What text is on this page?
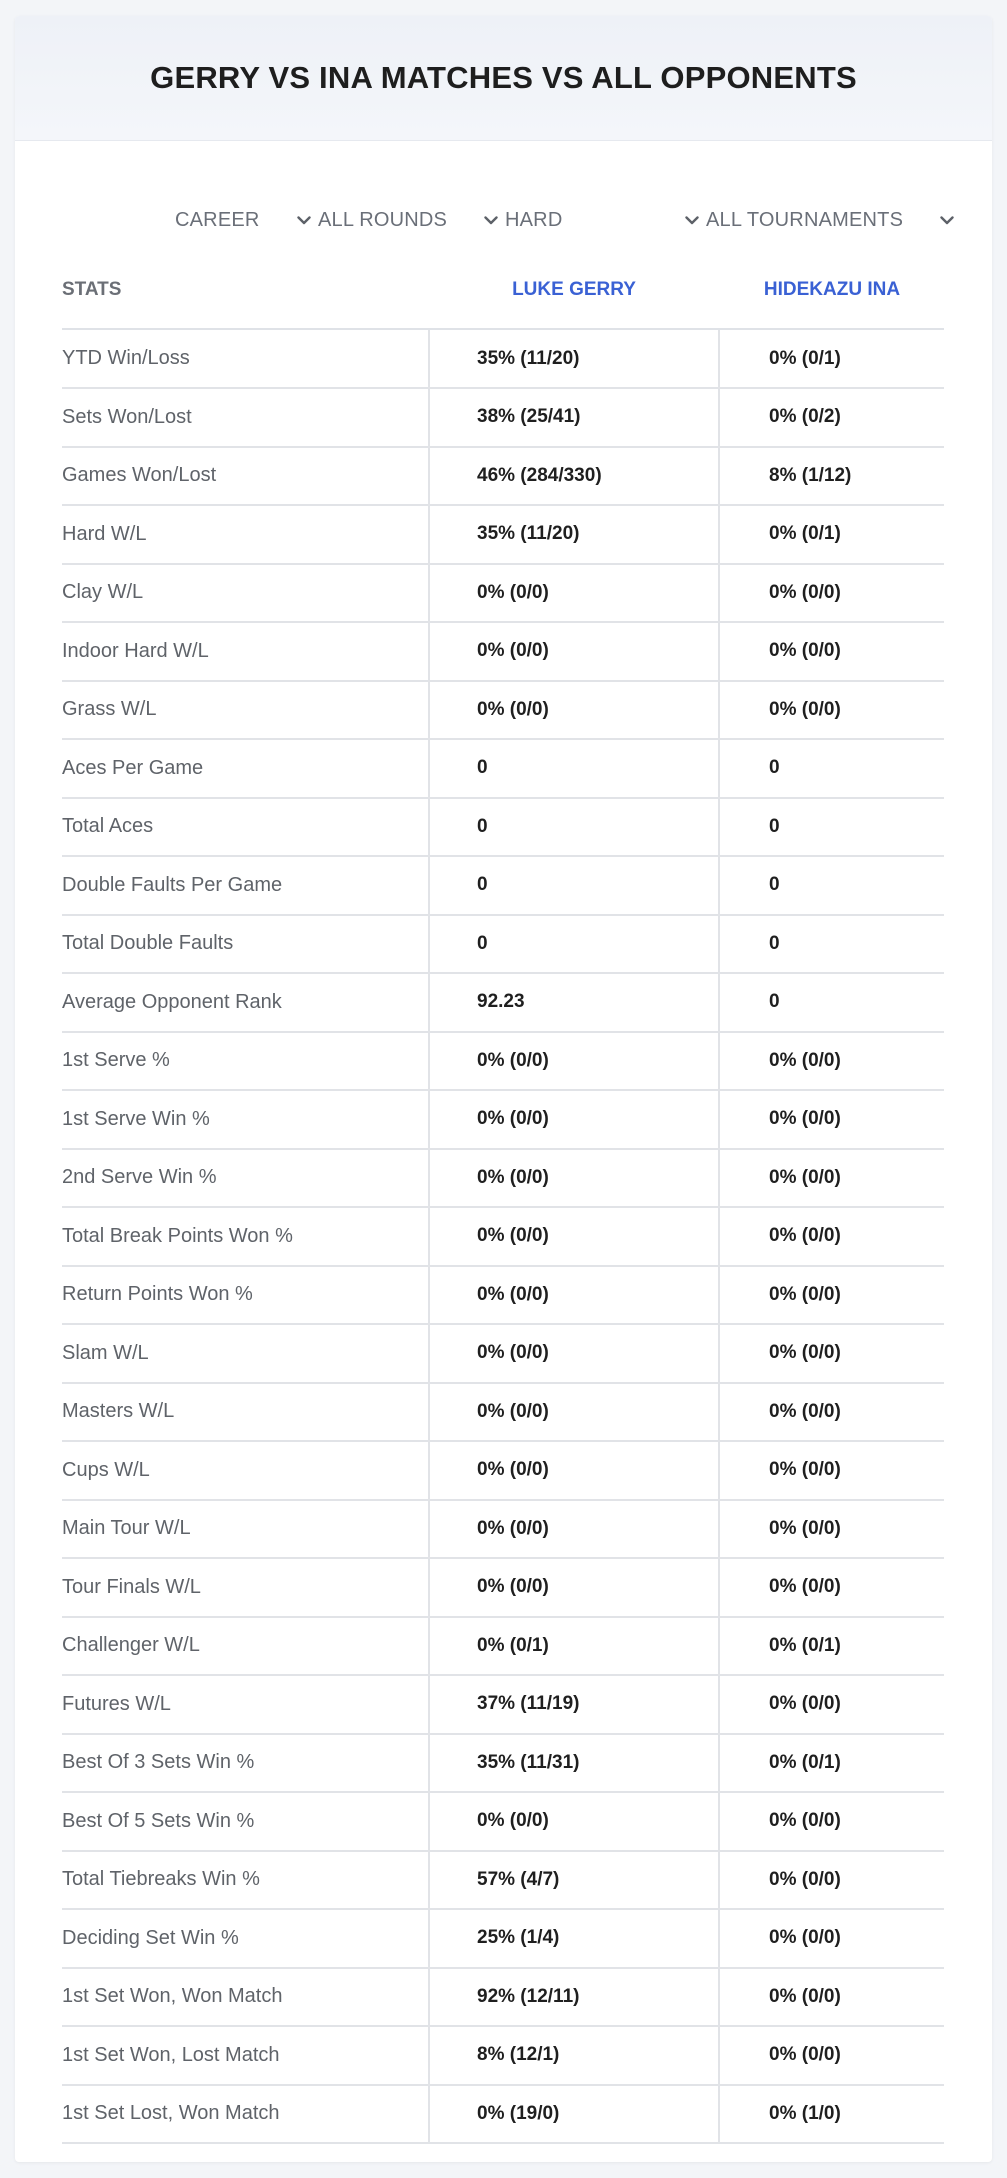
GERRY VS INA MATCHES VS ALL OPPONENTS
CAREER	ALL ROUNDS	HARD	ALL TOURNAMENTS
STATS	LUKE GERRY	HIDEKAZU INA
YTD Win/Loss	35% (11/20)	0% (0/1)
Sets Won/Lost	38% (25/41)	0% (0/2)
Games Won/Lost	46% (284/330)	8% (1/12)
Hard W/L	35% (11/20)	0% (0/1)
Clay W/L	0% (0/0)	0% (0/0)
Indoor Hard W/L	0% (0/0)	0% (0/0)
Grass W/L	0% (0/0)	0% (0/0)
Aces Per Game	0	0
Total Aces	0	0
Double Faults Per Game	0	0
Total Double Faults	0	0
Average Opponent Rank	92.23	0
1st Serve %	0% (0/0)	0% (0/0)
1st Serve Win %	0% (0/0)	0% (0/0)
2nd Serve Win %	0% (0/0)	0% (0/0)
Total Break Points Won %	0% (0/0)	0% (0/0)
Return Points Won %	0% (0/0)	0% (0/0)
Slam W/L	0% (0/0)	0% (0/0)
Masters W/L	0% (0/0)	0% (0/0)
Cups W/L	0% (0/0)	0% (0/0)
Main Tour W/L	0% (0/0)	0% (0/0)
Tour Finals W/L	0% (0/0)	0% (0/0)
Challenger W/L	0% (0/1)	0% (0/1)
Futures W/L	37% (11/19)	0% (0/0)
Best Of 3 Sets Win %	35% (11/31)	0% (0/1)
Best Of 5 Sets Win %	0% (0/0)	0% (0/0)
Total Tiebreaks Win %	57% (4/7)	0% (0/0)
Deciding Set Win %	25% (1/4)	0% (0/0)
1st Set Won, Won Match	92% (12/11)	0% (0/0)
1st Set Won, Lost Match	8% (12/1)	0% (0/0)
1st Set Lost, Won Match	0% (19/0)	0% (1/0)
